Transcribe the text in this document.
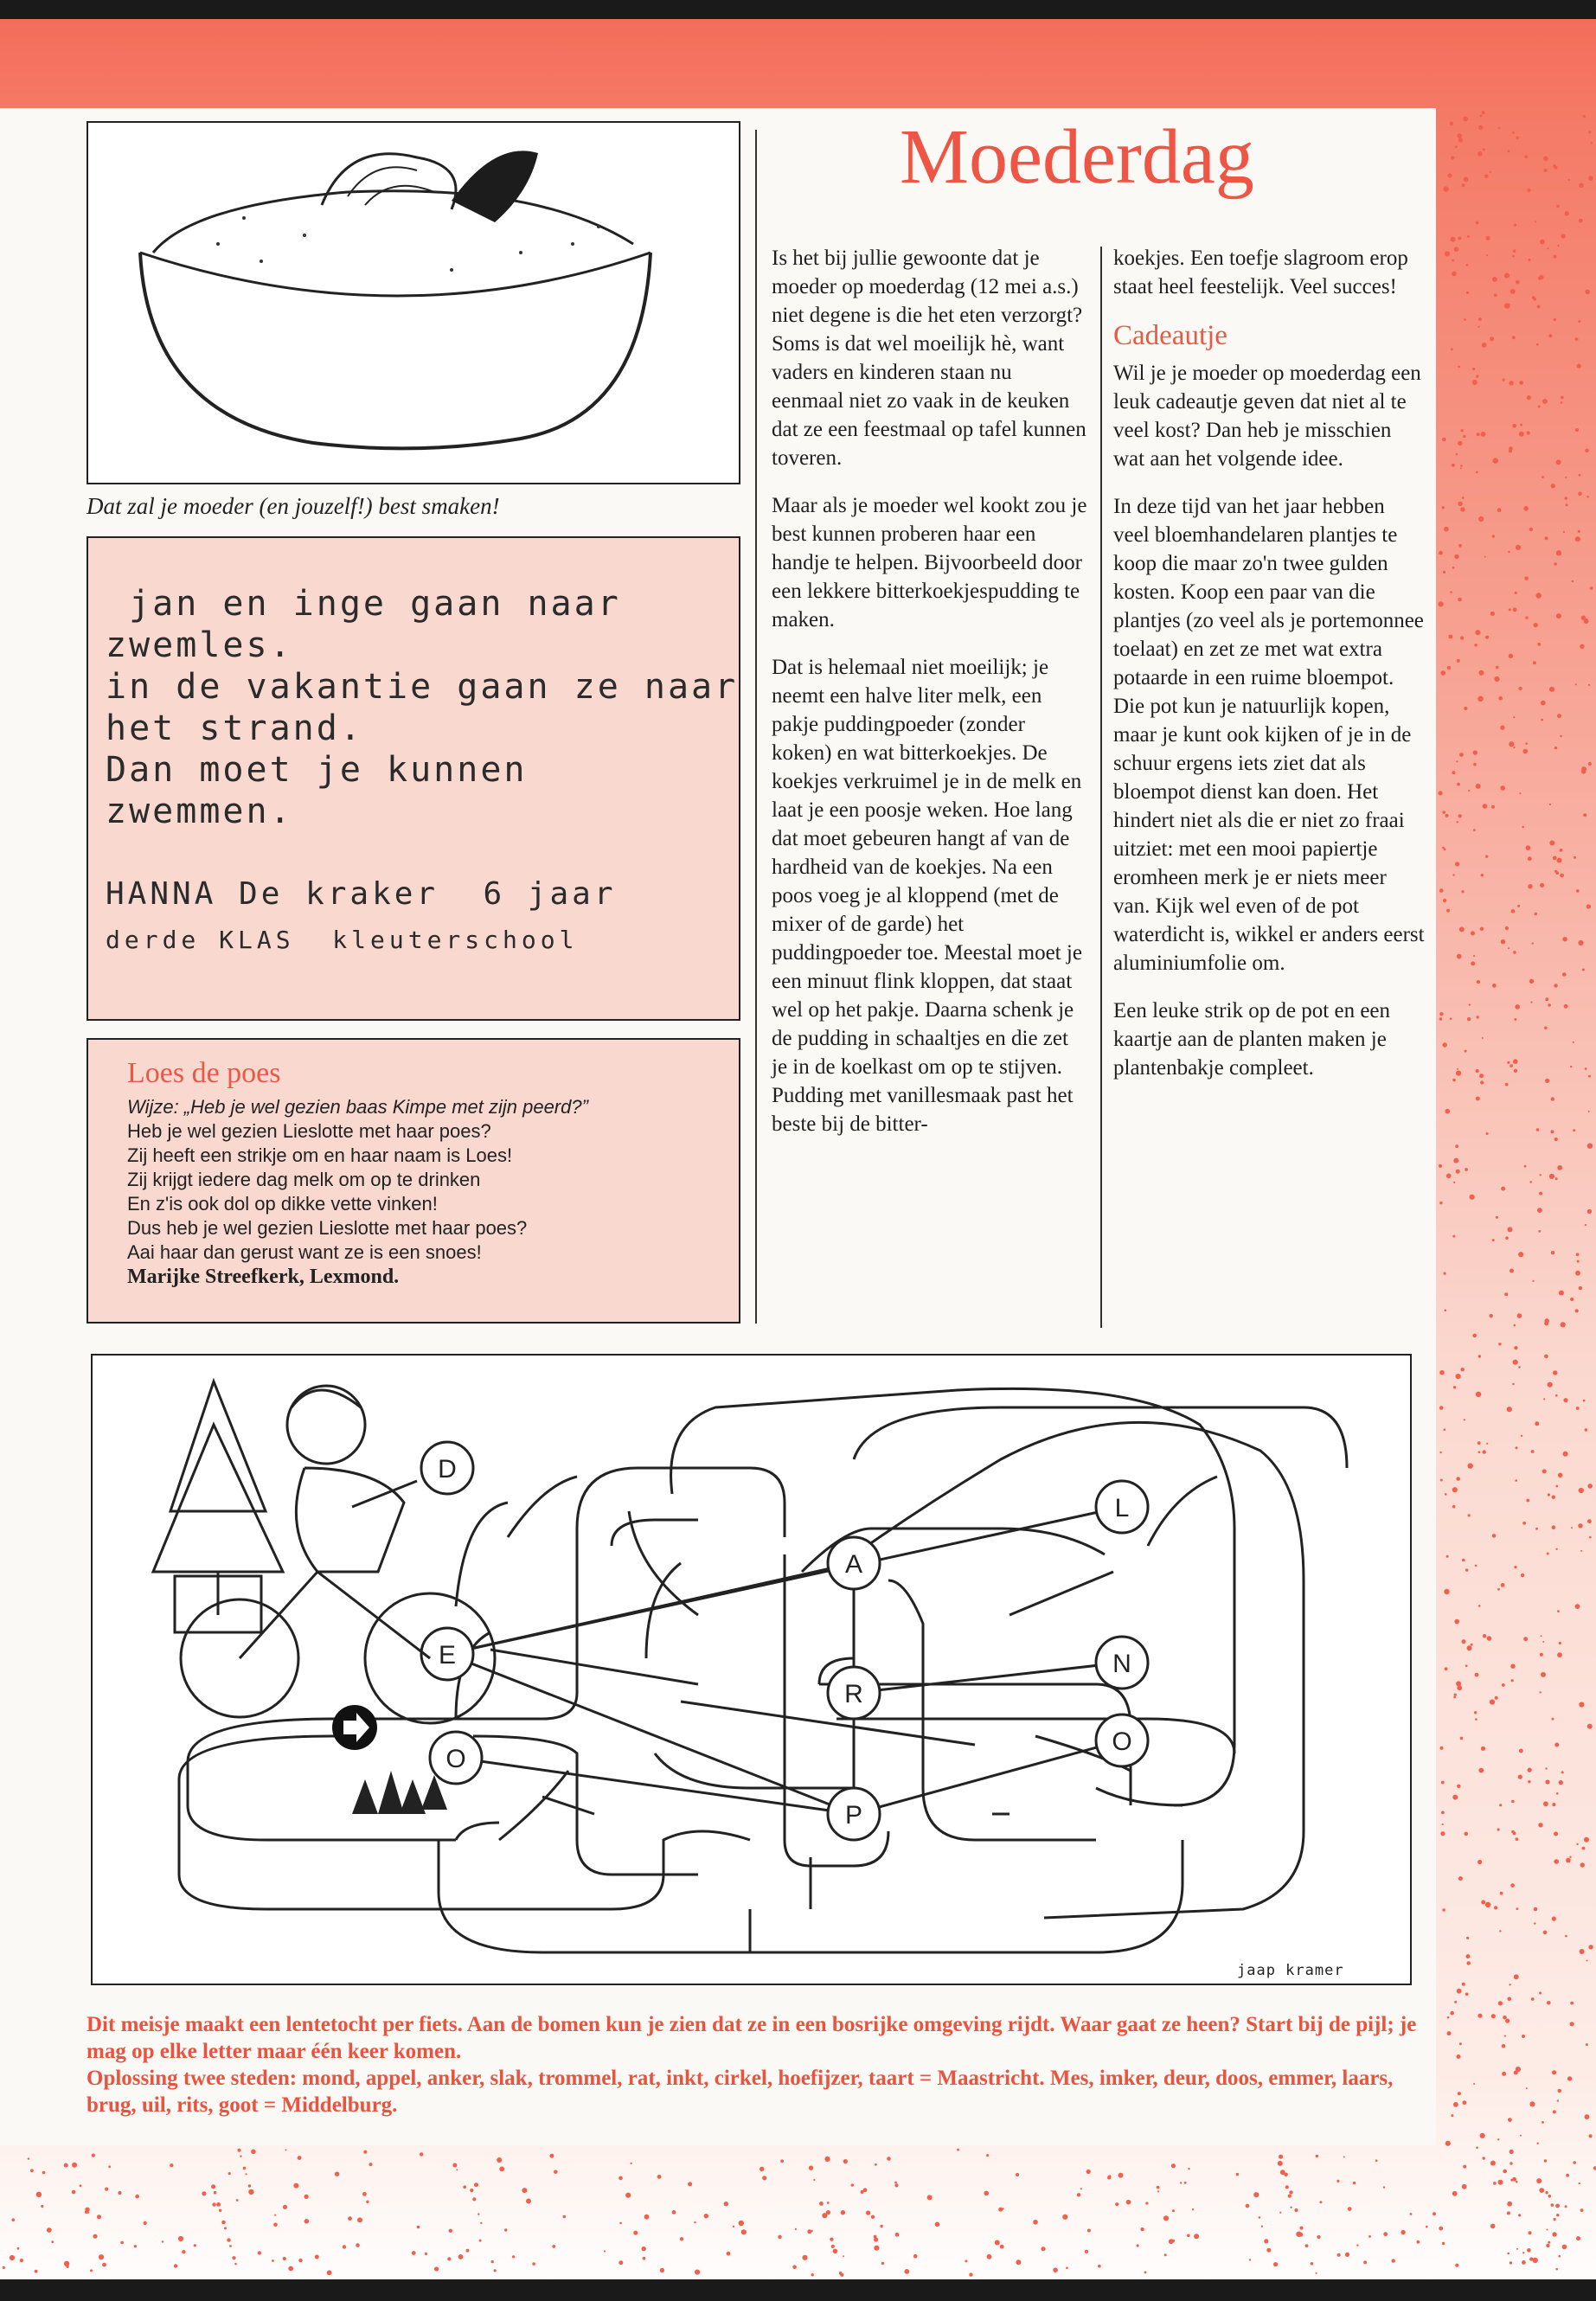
Dat zal je moeder (en jouzelf!) best smaken!
jan en inge gaan naar
zwemles.
in de vakantie gaan ze naar
het strand.
Dan moet je kunnen
zwemmen.
HANNA De kraker  6 jaar
derde KLAS  kleuterschool
Loes de poes
Wijze: „Heb je wel gezien baas Kimpe met zijn peerd?”
Heb je wel gezien Lieslotte met haar poes?
Zij heeft een strikje om en haar naam is Loes!
Zij krijgt iedere dag melk om op te drinken
En z'is ook dol op dikke vette vinken!
Dus heb je wel gezien Lieslotte met haar poes?
Aai haar dan gerust want ze is een snoes!
Marijke Streefkerk, Lexmond.
Moederdag

Is het bij jullie gewoonte dat je moeder op moederdag (12 mei a.s.) niet degene is die het eten verzorgt? Soms is dat wel moeilijk hè, want vaders en kinderen staan nu eenmaal niet zo vaak in de keuken dat ze een feestmaal op tafel kunnen toveren.

Maar als je moeder wel kookt zou je best kunnen proberen haar een handje te helpen. Bijvoorbeeld door een lekkere bitterkoekjespudding te maken.

Dat is helemaal niet moeilijk; je neemt een halve liter melk, een pakje puddingpoeder (zonder koken) en wat bitterkoekjes. De koekjes verkruimel je in de melk en laat je een poosje weken. Hoe lang dat moet gebeuren hangt af van de hardheid van de koekjes. Na een poos voeg je al kloppend (met de mixer of de garde) het puddingpoeder toe. Meestal moet je een minuut flink kloppen, dat staat wel op het pakje. Daarna schenk je de pudding in schaaltjes en die zet je in de koelkast om op te stijven. Pudding met vanillesmaak past het beste bij de bitter-

koekjes. Een toefje slagroom erop staat heel feestelijk. Veel succes!

Cadeautje

Wil je je moeder op moederdag een leuk cadeautje geven dat niet al te veel kost? Dan heb je misschien wat aan het volgende idee.

In deze tijd van het jaar hebben veel bloemhandelaren plantjes te koop die maar zo'n twee gulden kosten. Koop een paar van die plantjes (zo veel als je portemonnee toelaat) en zet ze met wat extra potaarde in een ruime bloempot. Die pot kun je natuurlijk kopen, maar je kunt ook kijken of je in de schuur ergens iets ziet dat als bloempot dienst kan doen. Het hindert niet als die er niet zo fraai uitziet: met een mooi papiertje eromheen merk je er niets meer van. Kijk wel even of de pot waterdicht is, wikkel er anders eerst aluminiumfolie om.

Een leuke strik op de pot en een kaartje aan de planten maken je plantenbakje compleet.

D
A
L
E	N
R
O
P
O
jaap kramer
Dit meisje maakt een lentetocht per fiets. Aan de bomen kun je zien dat ze in een bosrijke omgeving rijdt. Waar gaat ze heen? Start bij de pijl; je mag op elke letter maar één keer komen.
Oplossing twee steden: mond, appel, anker, slak, trommel, rat, inkt, cirkel, hoefijzer, taart = Maastricht. Mes, imker, deur, doos, emmer, laars, brug, uil, rits, goot = Middelburg.
